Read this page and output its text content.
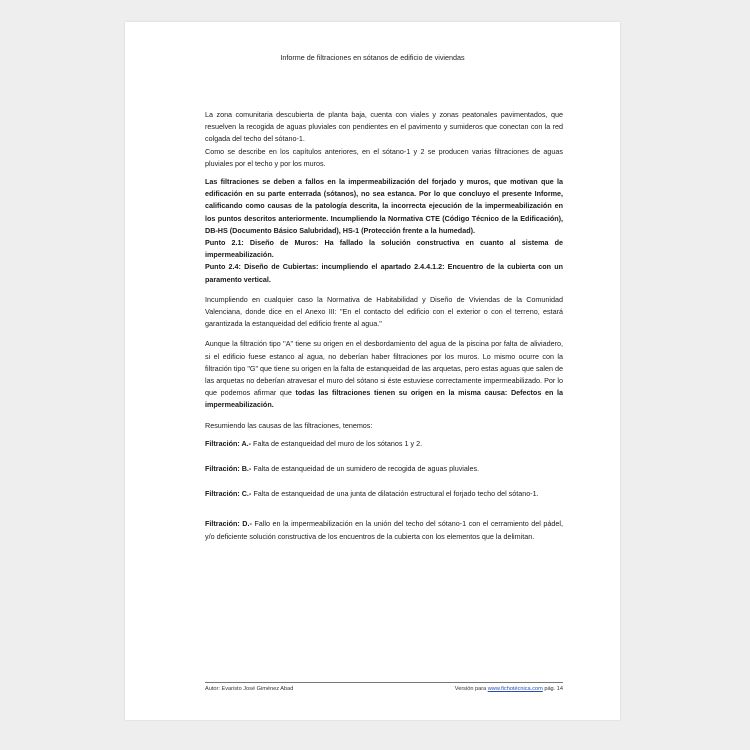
Informe de filtraciones en sótanos de edificio de viviendas

La zona comunitaria descubierta de planta baja, cuenta con viales y zonas peatonales pavimentados, que resuelven la recogida de aguas pluviales con pendientes en el pavimento y sumideros que conectan con la red colgada del techo del sótano-1.

Como se describe en los capítulos anteriores, en el sótano-1 y 2 se producen varias filtraciones de aguas pluviales por el techo y por los muros.

Las filtraciones se deben a fallos en la impermeabilización del forjado y muros, que motivan que la edificación en su parte enterrada (sótanos), no sea estanca. Por lo que concluyo el presente Informe, calificando como causas de la patología descrita, la incorrecta ejecución de la impermeabilización en los puntos descritos anteriormente. Incumpliendo la Normativa CTE (Código Técnico de la Edificación), DB-HS (Documento Básico Salubridad), HS-1 (Protección frente a la humedad).

Punto 2.1: Diseño de Muros: Ha fallado la solución constructiva en cuanto al sistema de impermeabilización.

Punto 2.4: Diseño de Cubiertas: incumpliendo el apartado 2.4.4.1.2: Encuentro de la cubierta con un paramento vertical.

Incumpliendo en cualquier caso la Normativa de Habitabilidad y Diseño de Viviendas de la Comunidad Valenciana, donde dice en el Anexo III: "En el contacto del edificio con el exterior o con el terreno, estará garantizada la estanqueidad del edificio frente al agua."

Aunque la filtración tipo "A" tiene su origen en el desbordamiento del agua de la piscina por falta de aliviadero, si el edificio fuese estanco al agua, no deberían haber filtraciones por los muros. Lo mismo ocurre con la filtración tipo "G" que tiene su origen en la falta de estanqueidad de las arquetas, pero estas aguas que salen de las arquetas no deberían atravesar el muro del sótano si éste estuviese correctamente impermeabilizado. Por lo que podemos afirmar que todas las filtraciones tienen su origen en la misma causa: Defectos en la impermeabilización.

Resumiendo las causas de las filtraciones, tenemos:

Filtración: A.- Falta de estanqueidad del muro de los sótanos 1 y 2.

Filtración: B.- Falta de estanqueidad de un sumidero de recogida de aguas pluviales.

Filtración: C.- Falta de estanqueidad de una junta de dilatación estructural el forjado techo del sótano-1.

Filtración: D.- Fallo en la impermeabilización en la unión del techo del sótano-1 con el cerramiento del pádel, y/o deficiente solución constructiva de los encuentros de la cubierta con los elementos que la delimitan.

Autor: Evaristo José Giménez Abad	Versión para www.fichotécnica.com pág. 14
